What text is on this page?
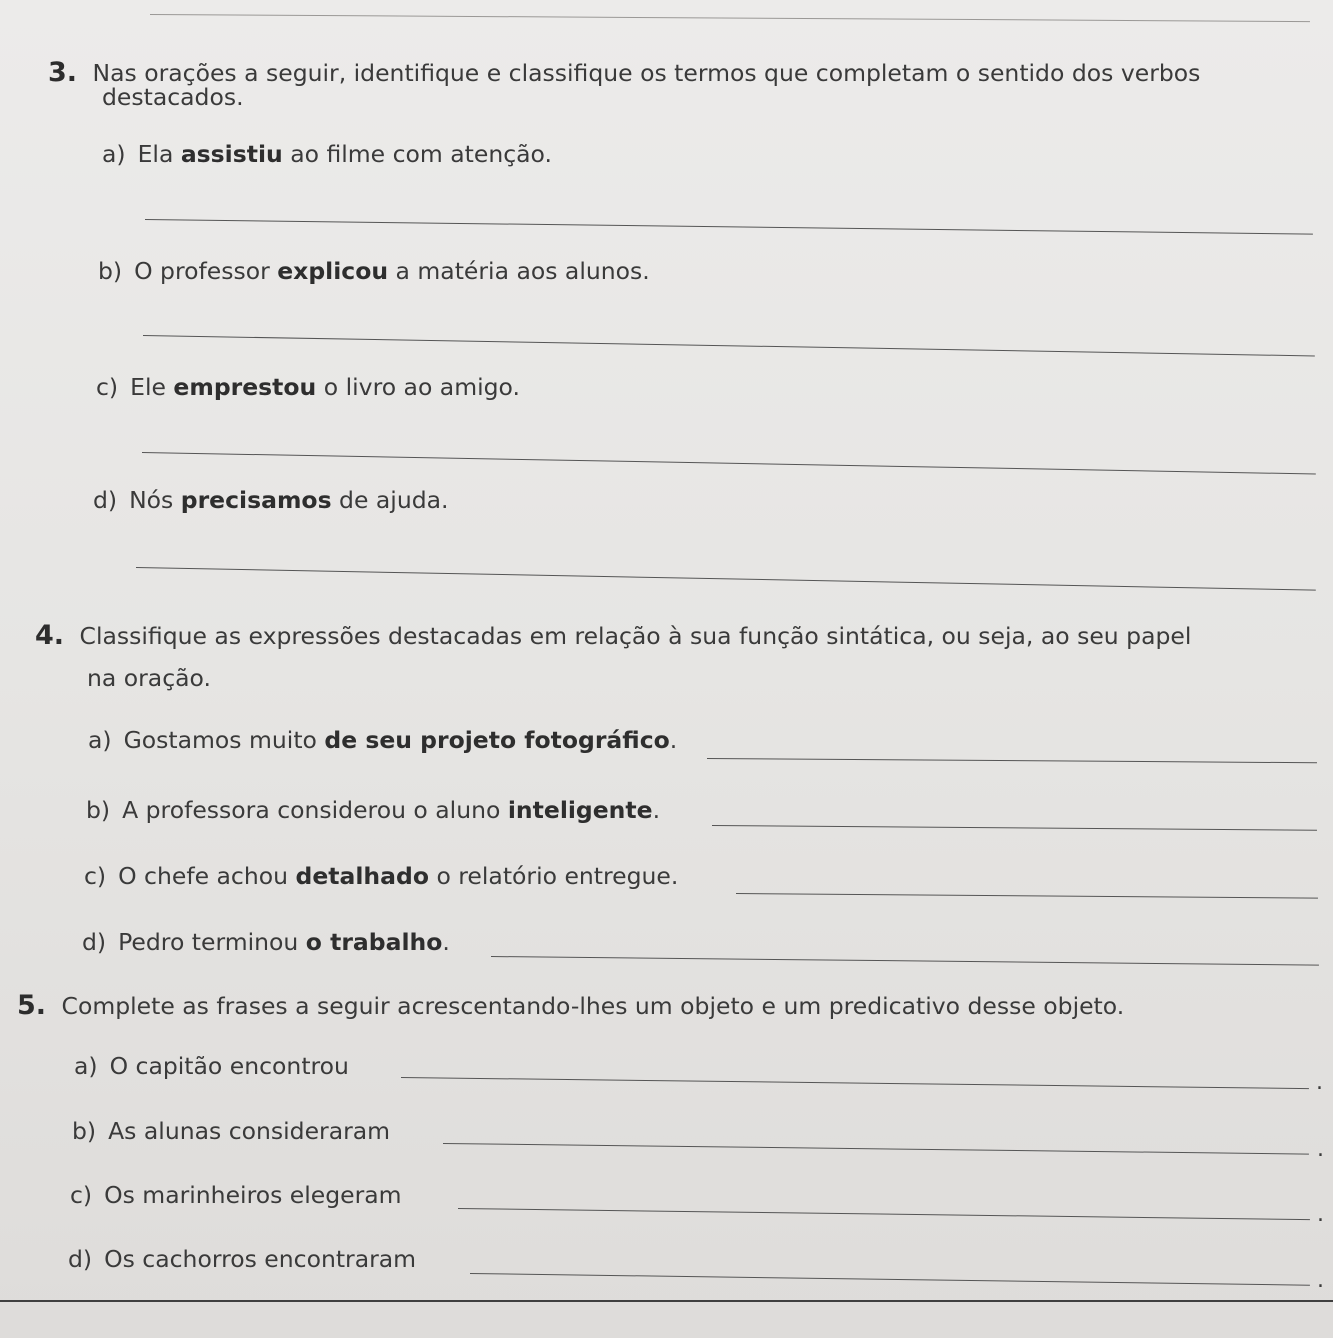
3. Nas orações a seguir, identifique e classifique os termos que completam o sentido dos verbos
destacados.
a) Ela assistiu ao filme com atenção.
b) O professor explicou a matéria aos alunos.
c) Ele emprestou o livro ao amigo.
d) Nós precisamos de ajuda.
4. Classifique as expressões destacadas em relação à sua função sintática, ou seja, ao seu papel
na oração.
a) Gostamos muito de seu projeto fotográfico.
b) A professora considerou o aluno inteligente.
c) O chefe achou detalhado o relatório entregue.
d) Pedro terminou o trabalho.
5. Complete as frases a seguir acrescentando-lhes um objeto e um predicativo desse objeto.
a) O capitão encontrou
.
b) As alunas consideraram
.
c) Os marinheiros elegeram
.
d) Os cachorros encontraram
.
